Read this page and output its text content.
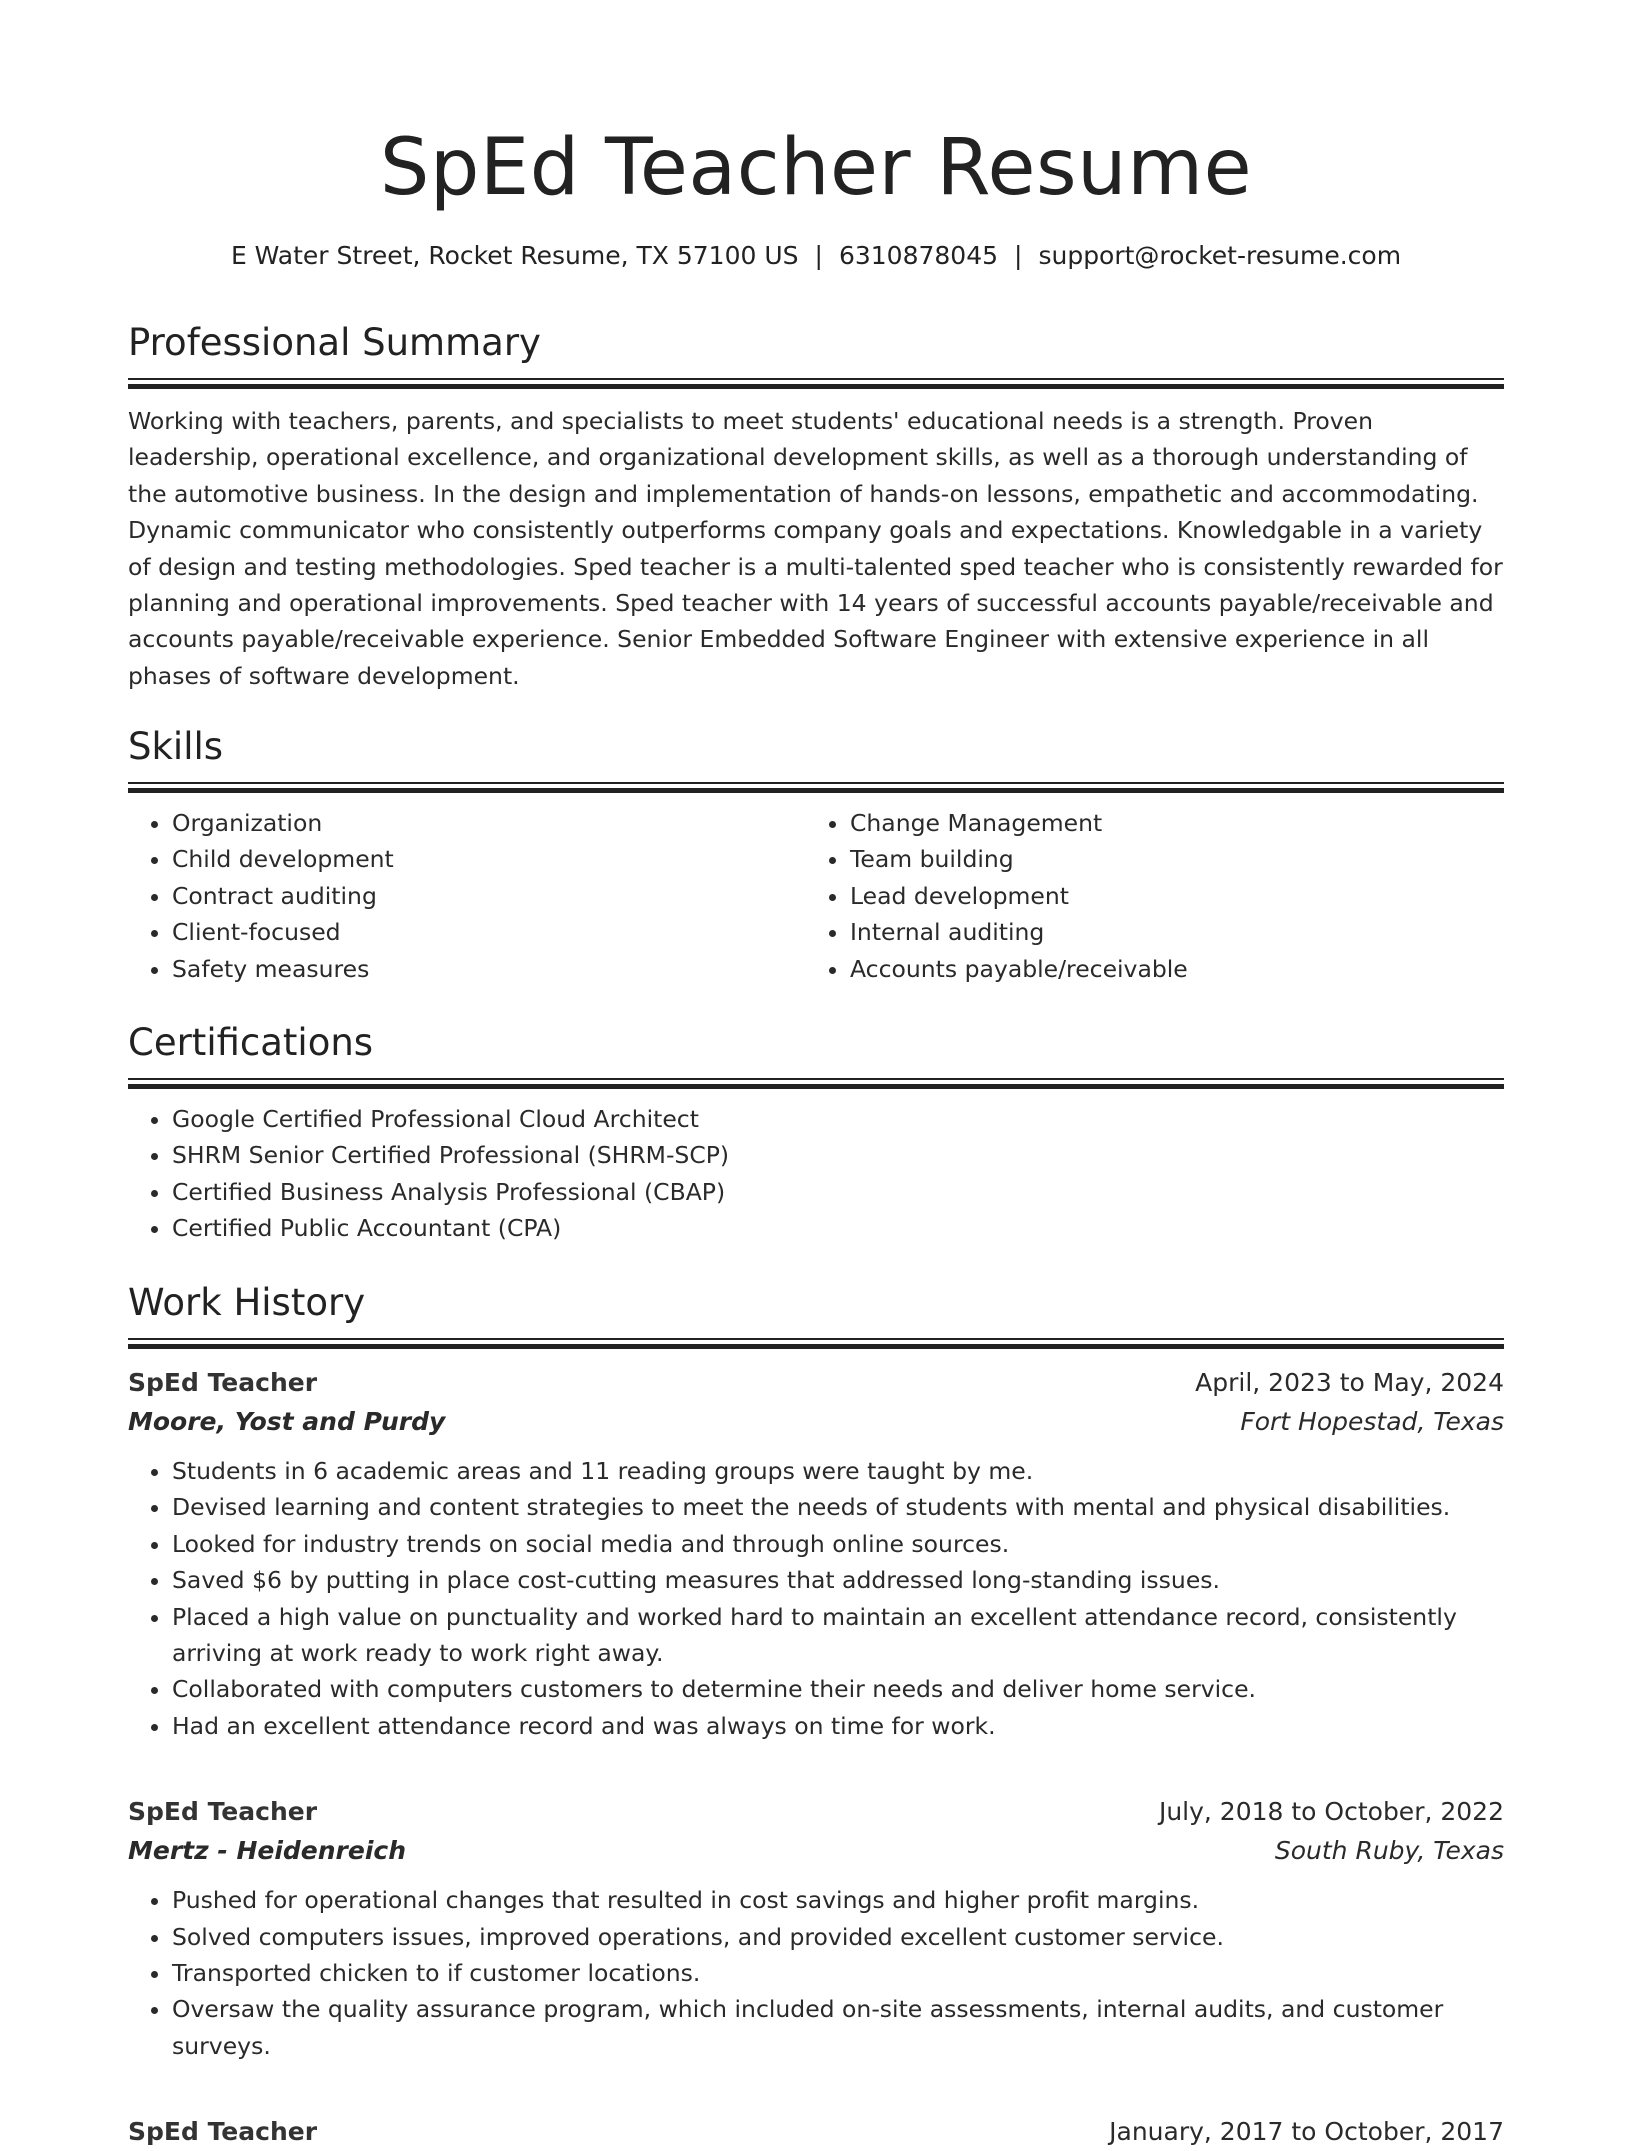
SpEd Teacher Resume
E Water Street, Rocket Resume, TX 57100 US | 6310878045 | support@rocket-resume.com
Professional Summary

Working with teachers, parents, and specialists to meet students' educational needs is a strength. Proven leadership, operational excellence, and organizational development skills, as well as a thorough understanding of the automotive business. In the design and implementation of hands-on lessons, empathetic and accommodating. Dynamic communicator who consistently outperforms company goals and expectations. Knowledgable in a variety of design and testing methodologies. Sped teacher is a multi-talented sped teacher who is consistently rewarded for planning and operational improvements. Sped teacher with 14 years of successful accounts payable/receivable and accounts payable/receivable experience. Senior Embedded Software Engineer with extensive experience in all phases of software development.

Skills
• Organization
• Child development
• Contract auditing
• Client-focused
• Safety measures
• Change Management
• Team building
• Lead development
• Internal auditing
• Accounts payable/receivable
Certifications
• Google Certified Professional Cloud Architect
• SHRM Senior Certified Professional (SHRM-SCP)
• Certified Business Analysis Professional (CBAP)
• Certified Public Accountant (CPA)
Work History
SpEd Teacher	April, 2023 to May, 2024
Moore, Yost and Purdy	Fort Hopestad, Texas
• Students in 6 academic areas and 11 reading groups were taught by me.
• Devised learning and content strategies to meet the needs of students with mental and physical disabilities.
• Looked for industry trends on social media and through online sources.
• Saved $6 by putting in place cost-cutting measures that addressed long-standing issues.
• Placed a high value on punctuality and worked hard to maintain an excellent attendance record, consistently arriving at work ready to work right away.
• Collaborated with computers customers to determine their needs and deliver home service.
• Had an excellent attendance record and was always on time for work.
SpEd Teacher	July, 2018 to October, 2022
Mertz - Heidenreich	South Ruby, Texas
• Pushed for operational changes that resulted in cost savings and higher profit margins.
• Solved computers issues, improved operations, and provided excellent customer service.
• Transported chicken to if customer locations.
• Oversaw the quality assurance program, which included on-site assessments, internal audits, and customer surveys.
SpEd Teacher	January, 2017 to October, 2017
